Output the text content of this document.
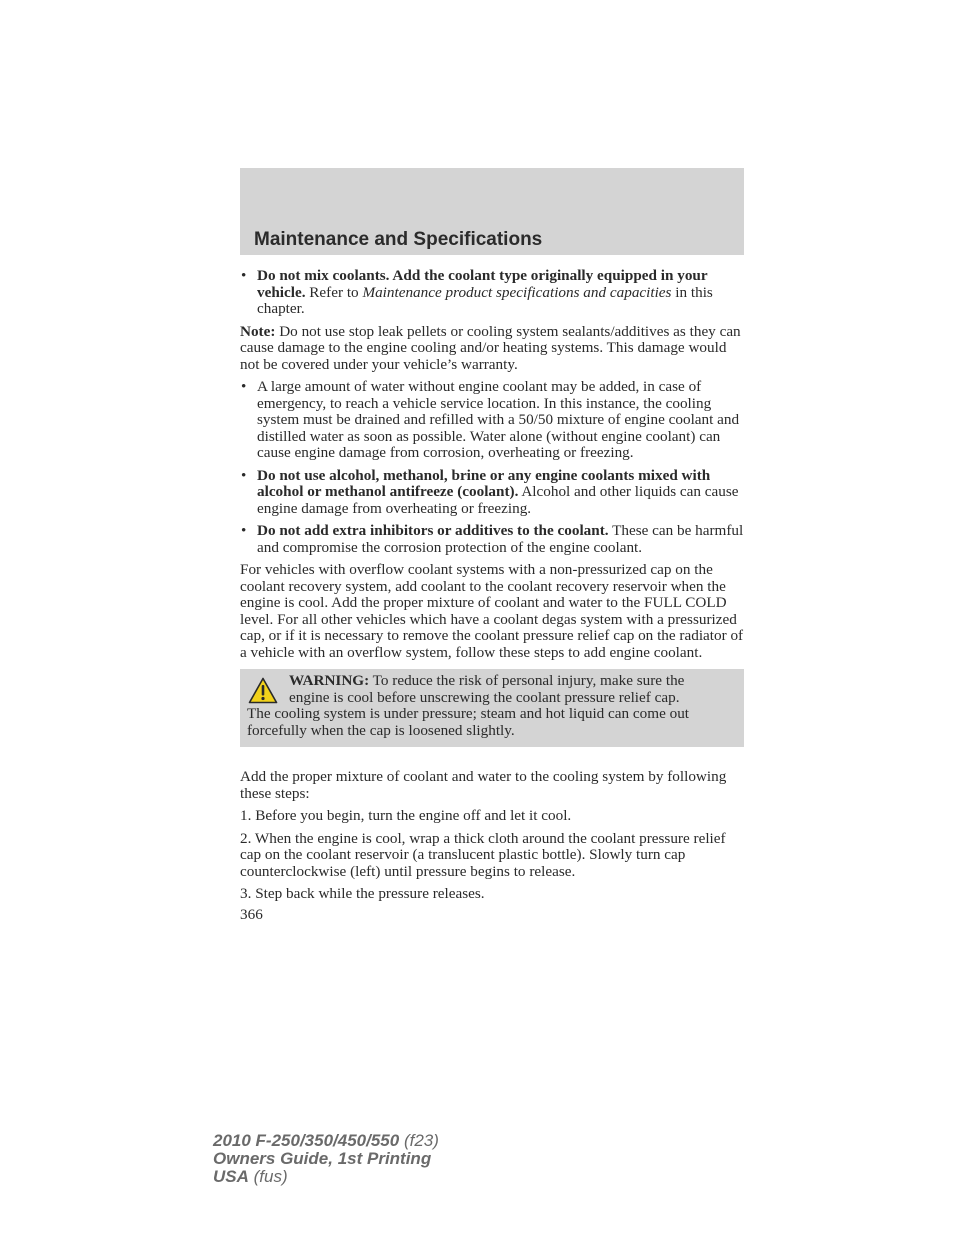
Maintenance and Specifications
• Do not mix coolants. Add the coolant type originally equipped in your vehicle. Refer to Maintenance product specifications and capacities in this chapter.

Note: Do not use stop leak pellets or cooling system sealants/additives as they can cause damage to the engine cooling and/or heating systems. This damage would not be covered under your vehicle’s warranty.

• A large amount of water without engine coolant may be added, in case of emergency, to reach a vehicle service location. In this instance, the cooling system must be drained and refilled with a 50/50 mixture of engine coolant and distilled water as soon as possible. Water alone (without engine coolant) can cause engine damage from corrosion, overheating or freezing.
• Do not use alcohol, methanol, brine or any engine coolants mixed with alcohol or methanol antifreeze (coolant). Alcohol and other liquids can cause engine damage from overheating or freezing.
• Do not add extra inhibitors or additives to the coolant. These can be harmful and compromise the corrosion protection of the engine coolant.

For vehicles with overflow coolant systems with a non-pressurized cap on the coolant recovery system, add coolant to the coolant recovery reservoir when the engine is cool. Add the proper mixture of coolant and water to the FULL COLD level. For all other vehicles which have a coolant degas system with a pressurized cap, or if it is necessary to remove the coolant pressure relief cap on the radiator of a vehicle with an overflow system, follow these steps to add engine coolant.

WARNING: To reduce the risk of personal injury, make sure the

engine is cool before unscrewing the coolant pressure relief cap.

The cooling system is under pressure; steam and hot liquid can come out forcefully when the cap is loosened slightly.

Add the proper mixture of coolant and water to the cooling system by following these steps:

1. Before you begin, turn the engine off and let it cool.

2. When the engine is cool, wrap a thick cloth around the coolant pressure relief cap on the coolant reservoir (a translucent plastic bottle). Slowly turn cap counterclockwise (left) until pressure begins to release.

3. Step back while the pressure releases.

366

2010 F-250/350/450/550 (f23)
Owners Guide, 1st Printing
USA (fus)
